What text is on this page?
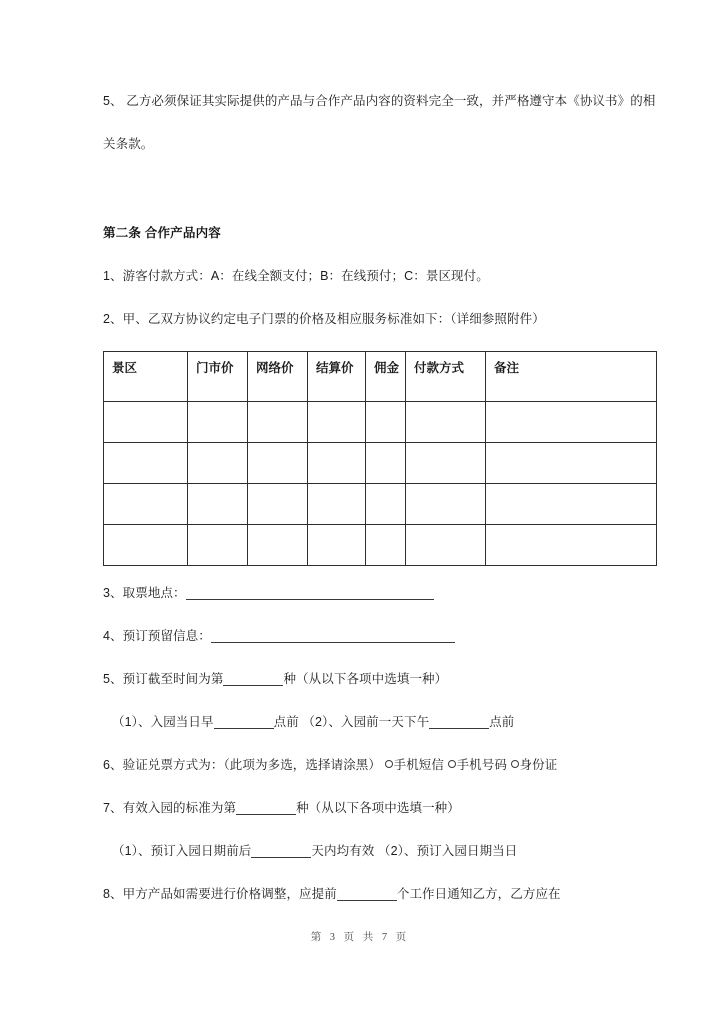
5、 乙方必须保证其实际提供的产品与合作产品内容的资料完全一致，并严格遵守本《协议书》的相关条款。

第二条 合作产品内容

1、游客付款方式：A：在线全额支付；B：在线预付；C：景区现付。

2、甲、乙双方协议约定电子门票的价格及相应服务标准如下：（详细参照附件）

景区	门市价	网络价	结算价	佣金	付款方式	备注

3、取票地点：

4、预订预留信息：

5、预订截至时间为第	种（从以下各项中选填一种）

（1）、入园当日早	点前 （2）、入园前一天下午	点前

6、验证兑票方式为：（此项为多选，选择请涂黑） 手机短信 手机号码 身份证

7、有效入园的标准为第	种（从以下各项中选填一种）

（1）、预订入园日期前后	天内均有效 （2）、预订入园日期当日

8、甲方产品如需要进行价格调整，应提前	个工作日通知乙方，乙方应在

第 3 页 共 7 页
